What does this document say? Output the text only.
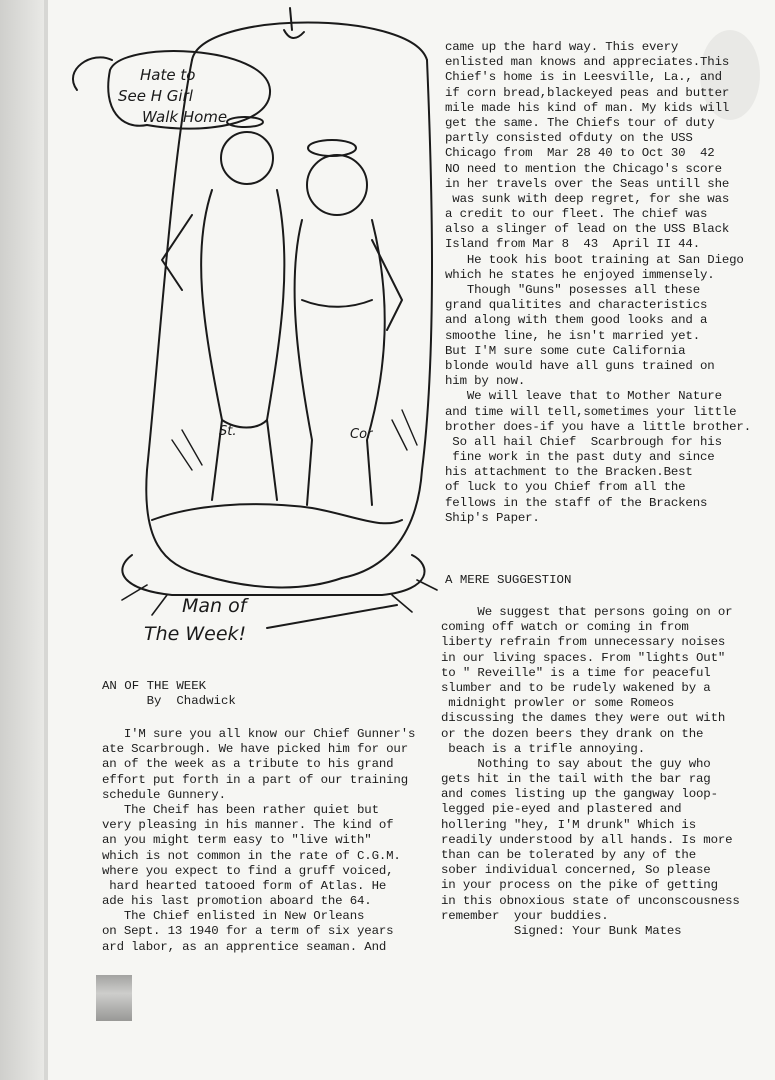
Hate to
See H Girl
Walk Home
St.	Cor
Man of
The Week!
came up the hard way. This every
enlisted man knows and appreciates.This
Chief's home is in Leesville, La., and
if corn bread,blackeyed peas and butter
mile made his kind of man. My kids will
get the same. The Chiefs tour of duty
partly consisted ofduty on the USS
Chicago from  Mar 28 40 to Oct 30  42
NO need to mention the Chicago's score
in her travels over the Seas untill she
was sunk with deep regret, for she was
a credit to our fleet. The chief was
also a slinger of lead on the USS Black
Island from Mar 8  43  April II 44.
He took his boot training at San Diego
which he states he enjoyed immensely.
Though "Guns" posesses all these
grand qualitites and characteristics
and along with them good looks and a
smoothe line, he isn't married yet.
But I'M sure some cute California
blonde would have all guns trained on
him by now.
We will leave that to Mother Nature
and time will tell,sometimes your little
brother does-if you have a little brother.
So all hail Chief  Scarbrough for his
fine work in the past duty and since
his attachment to the Bracken.Best
of luck to you Chief from all the
fellows in the staff of the Brackens
Ship's Paper.
A MERE SUGGESTION
We suggest that persons going on or
coming off watch or coming in from
liberty refrain from unnecessary noises
in our living spaces. From "lights Out"
to " Reveille" is a time for peaceful
slumber and to be rudely wakened by a
midnight prowler or some Romeos
discussing the dames they were out with
or the dozen beers they drank on the
beach is a trifle annoying.
Nothing to say about the guy who
gets hit in the tail with the bar rag
and comes listing up the gangway loop-
legged pie-eyed and plastered and
hollering "hey, I'M drunk" Which is
readily understood by all hands. Is more
than can be tolerated by any of the
sober individual concerned, So please
in your process on the pike of getting
in this obnoxious state of unconscousness
remember  your buddies.
Signed: Your Bunk Mates
AN OF THE WEEK
By  Chadwick
I'M sure you all know our Chief Gunner's
ate Scarbrough. We have picked him for our
an of the week as a tribute to his grand
effort put forth in a part of our training
schedule Gunnery.
The Cheif has been rather quiet but
very pleasing in his manner. The kind of
an you might term easy to "live with"
which is not common in the rate of C.G.M.
where you expect to find a gruff voiced,
hard hearted tatooed form of Atlas. He
ade his last promotion aboard the 64.
The Chief enlisted in New Orleans
on Sept. 13 1940 for a term of six years
ard labor, as an apprentice seaman. And
